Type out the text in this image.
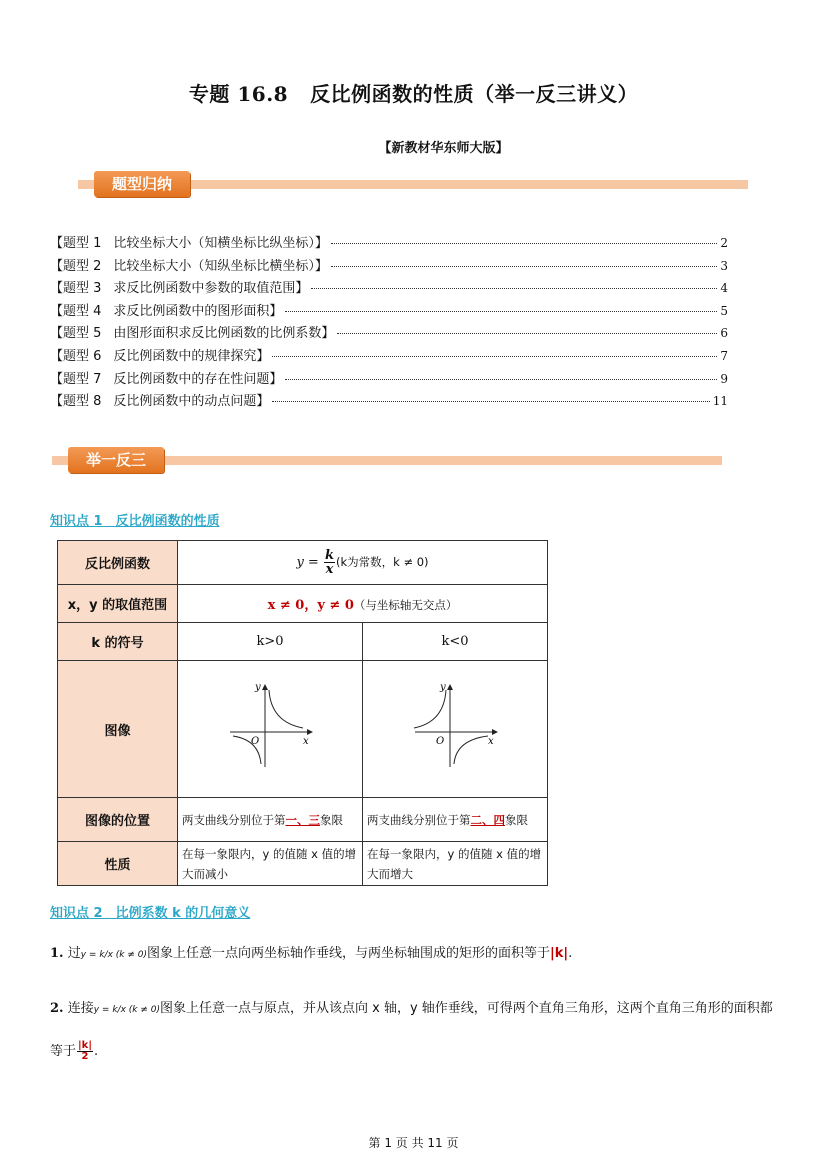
专题 16.8 反比例函数的性质（举一反三讲义）
【新教材华东师大版】
题型归纳
【题型 1 比较坐标大小（知横坐标比纵坐标）】	2
【题型 2 比较坐标大小（知纵坐标比横坐标）】	3
【题型 3 求反比例函数中参数的取值范围】	4
【题型 4 求反比例函数中的图形面积】	5
【题型 5 由图形面积求反比例函数的比例系数】	6
【题型 6 反比例函数中的规律探究】	7
【题型 7 反比例函数中的存在性问题】	9
【题型 8 反比例函数中的动点问题】	11
举一反三
知识点 1　反比例函数的性质
反比例函数	$y = \frac{k}{x} (k$为常数，k ≠ 0)	
x，y 的取值范围	x ≠ 0，y ≠ 0（与坐标轴无交点）	
k 的符号	k>0	k<0
图像	y
x
O	y
x
O

图像的位置	两支曲线分别位于第一、三象限	两支曲线分别位于第二、四象限
性质	在每一象限内，y 的值随 x 值的增大而减小	在每一象限内，y 的值随 x 值的增大而增大
知识点 2　比例系数 k 的几何意义
1. 过y = k/x (k ≠ 0)图象上任意一点向两坐标轴作垂线，与两坐标轴围成的矩形的面积等于|k|.
2. 连接y = k/x (k ≠ 0)图象上任意一点与原点，并从该点向 x 轴，y 轴作垂线，可得两个直角三角形，这两个直角三角形的面积都等于 $\frac{|k|}{2}$ .
第 1 页 共 11 页
